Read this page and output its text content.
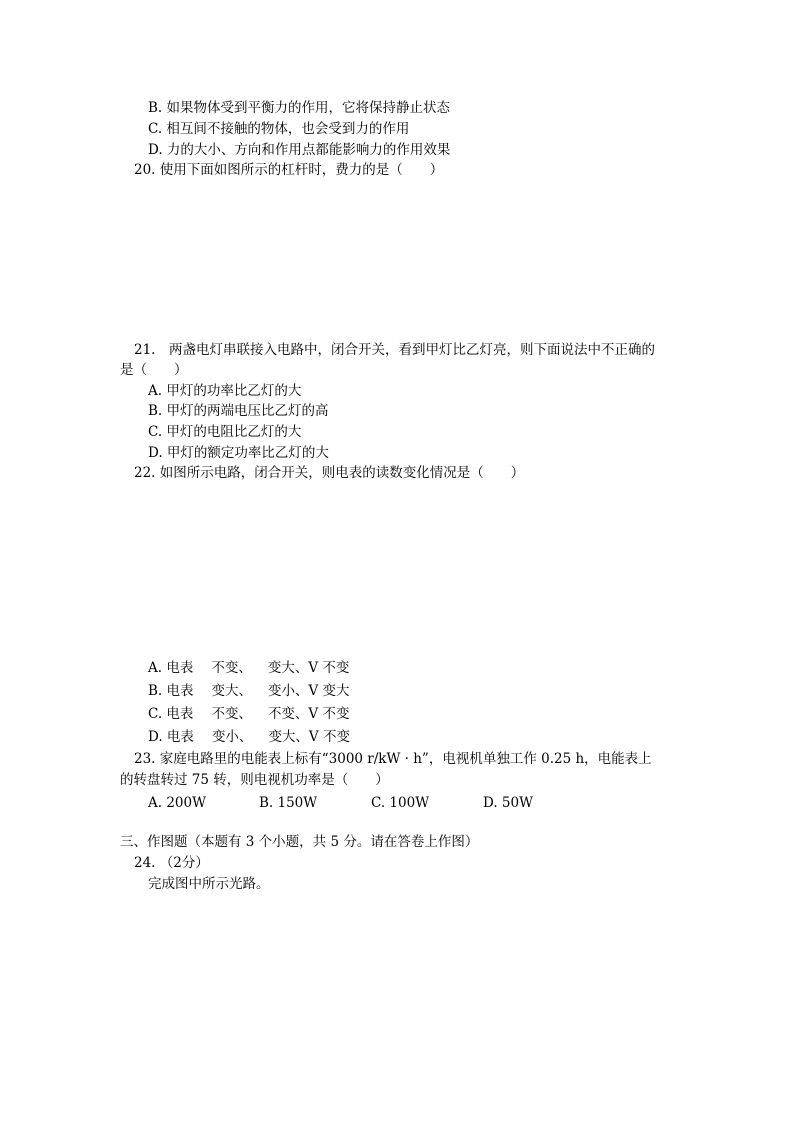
B. 如果物体受到平衡力的作用，它将保持静止状态
C. 相互间不接触的物体，也会受到力的作用
D. 力的大小、方向和作用点都能影响力的作用效果
20. 使用下面如图所示的杠杆时，费力的是（　　）
21.　两盏电灯串联接入电路中，闭合开关，看到甲灯比乙灯亮，则下面说法中不正确的
是（　　）
A. 甲灯的功率比乙灯的大
B. 甲灯的两端电压比乙灯的高
C. 甲灯的电阻比乙灯的大
D. 甲灯的额定功率比乙灯的大
22. 如图所示电路，闭合开关，则电表的读数变化情况是（　　）
A. 电表 不变、 变大、V 不变
B. 电表 变大、 变小、V 变大
C. 电表 不变、 不变、V 不变
D. 电表 变小、 变大、V 不变
23. 家庭电路里的电能表上标有“3000 r/kW · h”，电视机单独工作 0.25 h，电能表上
的转盘转过 75 转，则电视机功率是（　　）
A. 200W	B. 150W	C. 100W	D. 50W
三、作图题（本题有 3 个小题，共 5 分。请在答卷上作图）
24. （2分）
完成图中所示光路。
